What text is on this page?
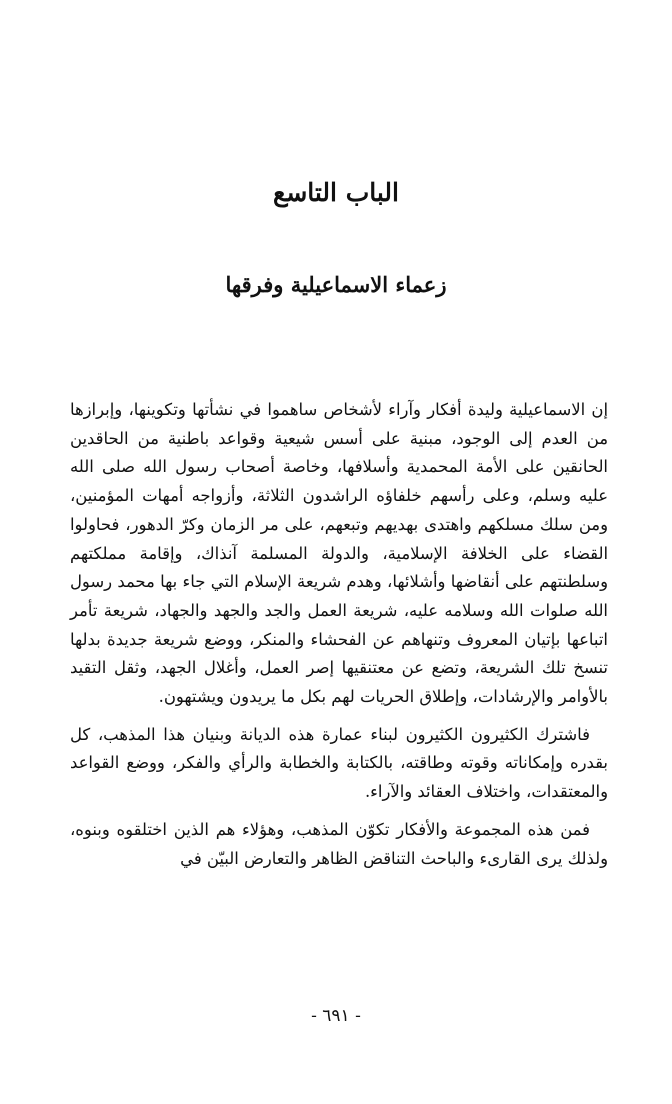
الباب التاسع
زعماء الاسماعيلية وفرقها

إن الاسماعيلية وليدة أفكار وآراء لأشخاص ساهموا في نشأتها وتكوينها، وإبرازها من العدم إلى الوجود، مبنية على أسس شيعية وقواعد باطنية من الحاقدين الحانقين على الأمة المحمدية وأسلافها، وخاصة أصحاب رسول الله صلى الله عليه وسلم، وعلى رأسهم خلفاؤه الراشدون الثلاثة، وأزواجه أمهات المؤمنين، ومن سلك مسلكهم واهتدى بهديهم وتبعهم، على مر الزمان وكرّ الدهور، فحاولوا القضاء على الخلافة الإسلامية، والدولة المسلمة آنذاك، وإقامة مملكتهم وسلطنتهم على أنقاضها وأشلائها، وهدم شريعة الإسلام التي جاء بها محمد رسول الله صلوات الله وسلامه عليه، شريعة العمل والجد والجهد والجهاد، شريعة تأمر اتباعها بإتيان المعروف وتنهاهم عن الفحشاء والمنكر، ووضع شريعة جديدة بدلها تنسخ تلك الشريعة، وتضع عن معتنقيها إصر العمل، وأغلال الجهد، وثقل التقيد بالأوامر والإرشادات، وإطلاق الحريات لهم بكل ما يريدون ويشتهون.

فاشترك الكثيرون الكثيرون لبناء عمارة هذه الديانة وبنيان هذا المذهب، كل بقدره وإمكاناته وقوته وطاقته، بالكتابة والخطابة والرأي والفكر، ووضع القواعد والمعتقدات، واختلاف العقائد والآراء.

فمن هذه المجموعة والأفكار تكوّن المذهب، وهؤلاء هم الذين اختلقوه وبنوه، ولذلك يرى القارىء والباحث التناقض الظاهر والتعارض البيّن في

- ٦٩١ -
